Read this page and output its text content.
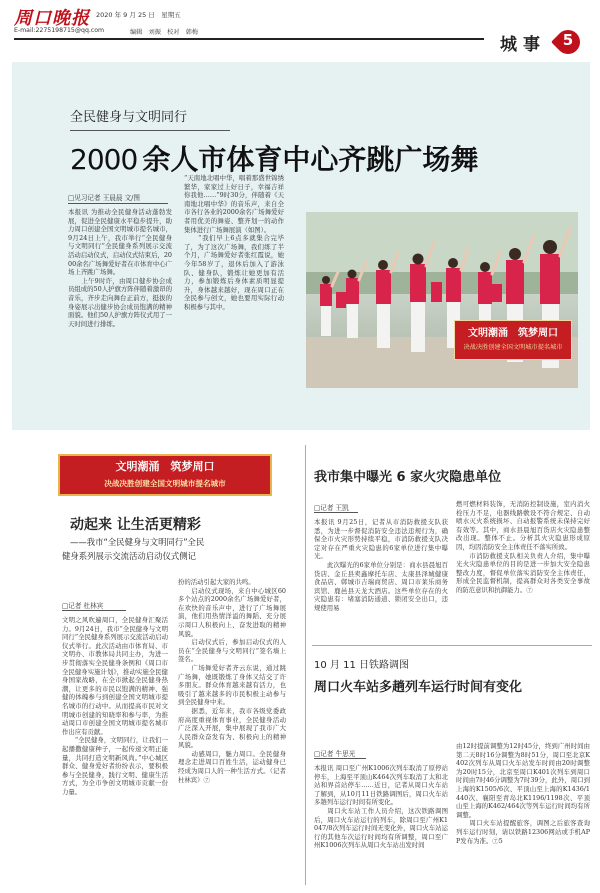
周口晚报 2020 年 9 月 25 日　星期五
E-mail:2275198715@qq.com	编辑　刘振　校对　韩梅
城事	5
全民健身与文明同行
2000 余人市体育中心齐跳广场舞
□见习记者 王晨晨 文/图
本报讯 为推动全民健身活动蓬勃发展，促进全民健康水平稳步提升，助力周口创建全国文明城市提名城市，9月24日上午，我市举行“全民健身与文明同行”全民健身系列展示交流活动启动仪式，启动仪式结束后，2000余名广场舞爱好者在市体育中心广场上齐跳广场舞。
　　上午9时许，由周口健步协会成员组成的50人护旗方阵伴随着激昂的音乐，齐步走向舞台正前方，挺拔的身姿展示出健步协会成员饱满的精神面貌。他们50人护旗方阵仪式用了一天时间进行排练。
“天南地北唱中华，唱着那盛世锦绣繁华，家家过上好日子，幸福吉祥你我他……”9时30分，伴随着《天南地北唱中华》的音乐声，来自全市各行各业的2000余名广场舞爱好者用优美的舞姿、整齐划一的动作集体进行广场舞展演（如图）。
　　“我们早上6点多就集合完毕了，为了这次广场舞，我们练了半个月，广场舞爱好者张红霞说，她今年58岁了，退休后加入了游泳队、健身队，锻炼让她更加有活力，参加锻炼后身体素质明显提升，身体越来越好，现在周口正在全民参与创文，她也要用实际行动积极参与其中。
文明潮涌　筑梦周口
决战决胜创建全国文明城市提名城市
文明潮涌　筑梦周口
决战决胜创建全国文明城市提名城市
动起来 让生活更精彩
——我市“全民健身与文明同行”全民
健身系列展示交流活动启动仪式侧记
□记者 杜林宾
文明之风吹遍周口，全民健身汇聚活力。9月24日，我市“全民健身与文明同行”全民健身系列展示交流活动启动仪式举行。此次活动由市体育局、市文明办、市教体局共同主办，为进一步贯彻落实全民健身条例和《周口市全民健身实施计划》，推动实施全民健身国家战略，在全市掀起全民健身热潮，让更多的市民以饱满的精神、强健的体魄参与到创建全国文明城市提名城市的行动中。从而提高市民对文明城市创建的知晓率和参与率，为推动周口市创建全国文明城市提名城市作出应有贡献。
　　“全民健身，文明同行，让我们一起播撒健康种子，一起传递文明正能量，共同打造文明新风尚。”中心城区群众、健身爱好者纷纷表示，要积极参与全民健身，践行文明、健康生活方式，为全市争创文明城市贡献一份力量。
扮的活动引起大家的共鸣。
　　启动仪式现场，来自中心城区60多个站点的2000余名广场舞爱好者，在欢快的音乐声中，进行了广场舞展演，他们用热情洋溢的舞蹈、充分展示周口人积极向上、奋发进取的精神风貌。
　　启动仪式后，参加启动仪式的人员在“全民健身与文明同行”签名墙上签名。
　　广场舞爱好者齐云东说，通过跳广场舞，她既锻炼了身体又结交了许多朋友。群众体育越来越有活力，也吸引了越来越多的市民积极主动参与到全民健身中来。
　　据悉，近年来，我市各级党委政府高度重视体育事业，全民健身活动广泛深入开展，集中展现了我市广大人民群众奋发有为、积极向上的精神风貌。
　　动感周口，魅力周口。全民健身理念走进周口百姓生活，运动健身已经成为周口人的一种生活方式。（记者杜林宾）⑦
我市集中曝光 6 家火灾隐患单位
□记者 王凯
本报讯 9月25日，记者从市消防救援支队获悉，为进一步督促消防安全违法违规行为，确保全市火灾形势持续平稳，市消防救援支队决定对存在严重火灾隐患的6家单位进行集中曝光。
　　此次曝光的6家单位分别是：商水县晨旭百货店、金丘县卖鑫摩托车店、太康县泽城健康食品店、郸城市吉瑞商贸店、周口市莱乐商务宾馆、鹿邑县天龙大酒店。这些单位存在的火灾隐患有：堵塞消防通道、锁闭安全出口，违规使用易
燃可燃材料装饰，无消防控制设施，室内消火栓压力不足，电器线路敷设不符合规定、自动喷水灭火系统损坏、自动报警系统未保持完好有效等。其中，商水县晨旭百货店火灾隐患整改出现。整体不止。分析其火灾隐患形成原因，均因消防安全主体责任不落实所致。
　　市消防救援支队相关负责人介绍，集中曝光火灾隐患单位的目的是进一步加大安全隐患整改力度，督促单位落实消防安全主体责任，形成全民监督机制，提高群众对各类安全事故的防范意识和抗御能力。⑦
10 月 11 日铁路调图
周口火车站多趟列车运行时间有变化
□记者 牛思光
本报讯 周口至广州K1006次列车取消了原停站停车，上海至平顶山K464次列车取消了太和北站和界首站停车……近日，记者从周口火车站了解到，从10月11日铁路调图后，周口火车站多趟列车运行时间有所变化。
　　周口火车站工作人员介绍，这次铁路调图后，周口火车站运行的列车，除周口至广州K1047/8次列车运行时间无变化外，周口火车站运行的其他车次运行时间均有所调整，周口至广州K1006次列车从周口火车站出发时间
由12时提前调整为12时45分，终到广州时间由第二天8时16分调整为8时51分，周口至北京K402次列车从周口火车站发车时间由20时调整为20时15分，北京至周口K401次列车到周口时间由7时46分调整为7时39分，此外，周口到上海的K1505/6次、平顶山至上海的K1436/1440次、襄阳至青岛北K1196/1198次、平顶山至上海的K462/464次等列车运行时间均有所调整。
　　周口火车站提醒旅客，调图之后旅客查询列车运行时刻，请以铁路12306网站或手机APP发布为准。⑦5
